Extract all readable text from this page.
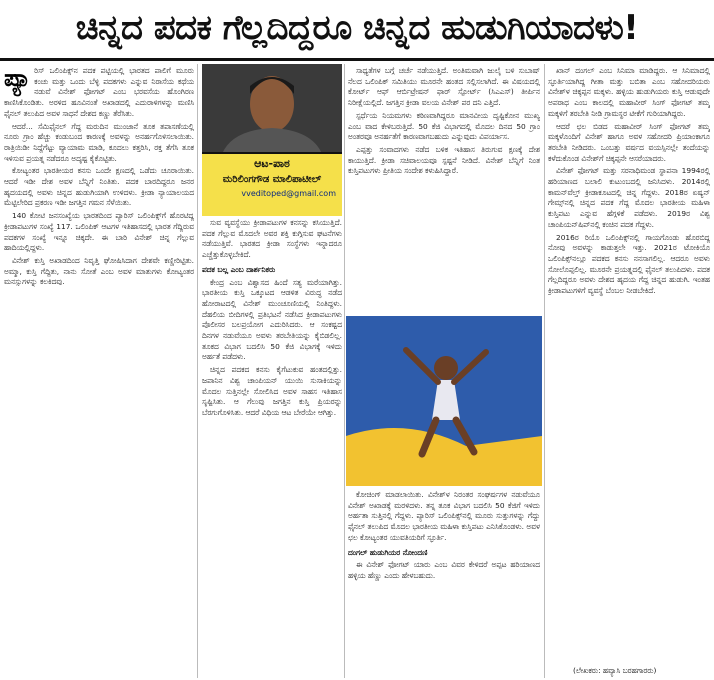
ಚಿನ್ನದ ಪದಕ ಗೆಲ್ಲದಿದ್ದರೂ ಚಿನ್ನದ ಹುಡುಗಿಯಾದಳು!
ಪ್ಯಾ ರಿಸ್ ಒಲಿಂಪಿಕ್ಸ್‌ನ ಪದಕ ಪಟ್ಟಿಯಲ್ಲಿ ಭಾರತದ ಪಾಲಿಗೆ ಮೂರು ಕಂಚು ಮತ್ತು ಒಂದು ಬೆಳ್ಳಿ ಪದಕಗಳು ಎನ್ನುವ ನಿರಾಸೆಯ ಕಥೆಯ ನಡುವೆ ವಿನೇಶ್ ಫೋಗಟ್ ಎಂಬ ಭರವಸೆಯ ಹೊಂಗಿರಣ ಕಾಣಿಸಿಕೊಂಡಿತು. ಅರಳಿದ ಹೂವಿನಂತೆ ಅಖಾಡದಲ್ಲಿ ಎದುರಾಳಿಗಳನ್ನು ಮಣಿಸಿ ಫೈನಲ್ ತಲುಪಿದ ಅವಳ ಸಾಧನೆ ದೇಶದ ಕಣ್ಣು ತೆರೆಸಿತು.

ಆದರೆ... ಸೆಮಿಫೈನಲ್ ಗೆದ್ದ ಮರುದಿನ ಮುಂಜಾನೆ ತೂಕ ತಪಾಸಣೆಯಲ್ಲಿ ನೂರು ಗ್ರಾಂ ಹೆಚ್ಚು ಕಂಡುಬಂದ ಕಾರಣಕ್ಕೆ ಅವಳನ್ನು ಅನರ್ಹಗೊಳಿಸಲಾಯಿತು. ರಾತ್ರಿಯಿಡೀ ನಿದ್ದೆಗೆಟ್ಟು ವ್ಯಾಯಾಮ ಮಾಡಿ, ಕೂದಲು ಕತ್ತರಿಸಿ, ರಕ್ತ ತೆಗೆಸಿ ತೂಕ ಇಳಿಸುವ ಪ್ರಯತ್ನ ನಡೆದರೂ ಅದೃಷ್ಟ ಕೈಕೊಟ್ಟಿತು.

ಕೋಟ್ಯಂತರ ಭಾರತೀಯರ ಕನಸು ಒಂದೇ ಕ್ಷಣದಲ್ಲಿ ಒಡೆದು ಚೂರಾಯಿತು. ಆದರೆ ಇಡೀ ದೇಶ ಅವಳ ಬೆನ್ನಿಗೆ ನಿಂತಿತು. ಪದಕ ಬಾರದಿದ್ದರೂ ಜನರ ಹೃದಯದಲ್ಲಿ ಅವಳು ಚಿನ್ನದ ಹುಡುಗಿಯಾಗಿ ಉಳಿದಳು. ಕ್ರೀಡಾ ನ್ಯಾಯಾಲಯದ ಮೆಟ್ಟಿಲೇರಿದ ಪ್ರಕರಣ ಇಡೀ ಜಗತ್ತಿನ ಗಮನ ಸೆಳೆಯಿತು.

140 ಕೋಟಿ ಜನಸಂಖ್ಯೆಯ ಭಾರತದಿಂದ ಪ್ಯಾರಿಸ್ ಒಲಿಂಪಿಕ್ಸ್‌ಗೆ ಹೊರಟಿದ್ದ ಕ್ರೀಡಾಪಟುಗಳ ಸಂಖ್ಯೆ 117. ಒಲಿಂಪಿಕ್ ಆಟಗಳ ಇತಿಹಾಸದಲ್ಲಿ ಭಾರತ ಗೆದ್ದಿರುವ ಪದಕಗಳ ಸಂಖ್ಯೆ ಇನ್ನೂ ಚಿಕ್ಕದೇ. ಈ ಬಾರಿ ವಿನೇಶ್ ಚಿನ್ನ ಗೆಲ್ಲುವ ಹಾದಿಯಲ್ಲಿದ್ದಳು.

ವಿನೇಶ್ ಕುಸ್ತಿ ಅಖಾಡದಿಂದ ನಿವೃತ್ತಿ ಘೋಷಿಸಿದಾಗ ದೇಶವೇ ಕಣ್ಣೀರಿಟ್ಟಿತು. ಅಮ್ಮಾ, ಕುಸ್ತಿ ಗೆದ್ದಿತು, ನಾನು ಸೋತೆ ಎಂಬ ಅವಳ ಮಾತುಗಳು ಕೋಟ್ಯಂತರ ಮನಸ್ಸುಗಳನ್ನು ಕಲಕಿದವು.

ಆಟ-ಪಾಠ
ಮರಿಲಿಂಗಗೌಡ ಮಾಲಿಪಾಟೀಲ್
vveditoped@gmail.com

ಸುವ ವ್ಯವಸ್ಥೆಯು ಕ್ರೀಡಾಪಟುಗಳ ಕನಸನ್ನು ಕಸಿಯುತ್ತಿದೆ. ಪದಕ ಗೆಲ್ಲುವ ಮೊದಲೇ ಅವರ ಶಕ್ತಿ ಕುಗ್ಗಿಸುವ ಘಟನೆಗಳು ನಡೆಯುತ್ತಿವೆ. ಭಾರತದ ಕ್ರೀಡಾ ಸಂಸ್ಥೆಗಳು ಇನ್ನಾದರೂ ಎಚ್ಚೆತ್ತುಕೊಳ್ಳಬೇಕಿದೆ.

ಪದಕ ಬಲ್ಲ ಎಂಬ ದಾರ್ಶನಿಕರು

ಕೇಂದ್ರ ಎಂಬ ವಿಶ್ವಾಸದ ಹಿಂದೆ ಸತ್ಯ ಮರೆಯಾಗಿತ್ತು. ಭಾರತೀಯ ಕುಸ್ತಿ ಒಕ್ಕೂಟದ ಆಡಳಿತ ವಿರುದ್ಧ ನಡೆದ ಹೋರಾಟದಲ್ಲಿ ವಿನೇಶ್ ಮುಂಚೂಣಿಯಲ್ಲಿ ನಿಂತಿದ್ದಳು. ದೆಹಲಿಯ ಬೀದಿಗಳಲ್ಲಿ ಪ್ರತಿಭಟನೆ ನಡೆಸಿದ ಕ್ರೀಡಾಪಟುಗಳು ಪೊಲೀಸರ ಬಲಪ್ರಯೋಗ ಎದುರಿಸಿದರು. ಆ ಸಂಕಷ್ಟದ ದಿನಗಳ ನಡುವೆಯೂ ಅವಳು ತರಬೇತಿಯನ್ನು ಕೈಬಿಡಲಿಲ್ಲ. ತೂಕದ ವಿಭಾಗ ಬದಲಿಸಿ 50 ಕೆಜಿ ವಿಭಾಗಕ್ಕೆ ಇಳಿದು ಅರ್ಹತೆ ಪಡೆದಳು.

ಚಿನ್ನದ ಪದಕದ ಕನಸು ಕೈಗೆಟುಕುವ ಹಂತದಲ್ಲಿತ್ತು. ಜಪಾನಿನ ವಿಶ್ವ ಚಾಂಪಿಯನ್ ಯುಯಿ ಸುಸಾಕಿಯನ್ನು ಮೊದಲ ಸುತ್ತಿನಲ್ಲೇ ಸೋಲಿಸಿದ ಅವಳ ಸಾಹಸ ಇತಿಹಾಸ ಸೃಷ್ಟಿಸಿತು. ಆ ಗೆಲುವು ಜಗತ್ತಿನ ಕುಸ್ತಿ ಪ್ರಿಯರನ್ನು ಬೆರಗುಗೊಳಿಸಿತು. ಆದರೆ ವಿಧಿಯ ಆಟ ಬೇರೆಯೇ ಆಗಿತ್ತು.

ಸಾಧ್ಯತೆಗಳ ಬಗ್ಗೆ ಚರ್ಚೆ ನಡೆಯುತ್ತಿದೆ. ಅಂತಿಮವಾಗಿ ಜುಲೈ ಬಳಿ ಸುಬಾಷ್ ನೆಲದ ಒಲಿಂಪಿಕ್ ಸಮಿತಿಯು ಮೂರನೇ ಹಂತದ ಸಲ್ಲಿಸಲಾಗಿದೆ. ಈ ವಿಷಯದಲ್ಲಿ ಕೋರ್ಟ್ ಆಫ್ ಆರ್ಬಿಟ್ರೇಷನ್ ಫಾರ್ ಸ್ಪೋರ್ಟ್ (ಸಿಎಎಸ್) ತೀರ್ಪಿನ ನಿರೀಕ್ಷೆಯಲ್ಲಿದೆ. ಜಗತ್ತಿನ ಕ್ರೀಡಾ ವಲಯ ವಿನೇಶ್ ಪರ ದನಿ ಎತ್ತಿದೆ.

ಸ್ಪರ್ಧೆಯ ನಿಯಮಗಳು ಕಠಿಣವಾಗಿದ್ದರೂ ಮಾನವೀಯ ದೃಷ್ಟಿಕೋನ ಮುಖ್ಯ ಎಂಬ ವಾದ ಕೇಳಿಬರುತ್ತಿದೆ. 50 ಕೆಜಿ ವಿಭಾಗದಲ್ಲಿ ಮೊದಲ ದಿನದ 50 ಗ್ರಾಂ ಅಂತರವೂ ಅನರ್ಹತೆಗೆ ಕಾರಣವಾಗಬಹುದು ಎನ್ನುವುದು ವಿಪರ್ಯಾಸ.

ಎಪ್ಪತ್ತು ಸಂವಾದಗಳು ನಡೆದ ಬಳಿಕ ಇತಿಹಾಸ ತಿರುಗುವ ಕ್ಷಣಕ್ಕೆ ದೇಶ ಕಾಯುತ್ತಿದೆ. ಕ್ರೀಡಾ ಸಚಿವಾಲಯವೂ ಸ್ಪಷ್ಟನೆ ನೀಡಿದೆ. ವಿನೇಶ್ ಬೆನ್ನಿಗೆ ನಿಂತ ಕುಸ್ತಿಪಟುಗಳು ಪ್ರೀತಿಯ ಸಂದೇಶ ಕಳುಹಿಸಿದ್ದಾರೆ.

ಕೋಚಿಂಗ್ ಮಾಡಲಾಯಿತು. ವಿನೇಶ್‌ಳ ನಿರಂತರ ಸಂಘರ್ಷಗಳ ನಡುವೆಯೂ ವಿನೇಶ್ ಅಖಾಡಕ್ಕೆ ಮರಳಿದಳು. ತನ್ನ ತೂಕ ವಿಭಾಗ ಬದಲಿಸಿ 50 ಕೆಜಿಗೆ ಇಳಿದು ಅರ್ಹತಾ ಸುತ್ತಿನಲ್ಲಿ ಗೆದ್ದಳು. ಪ್ಯಾರಿಸ್ ಒಲಿಂಪಿಕ್ಸ್‌ನಲ್ಲಿ ಮೂರು ಸುತ್ತುಗಳನ್ನು ಗೆದ್ದು ಫೈನಲ್ ತಲುಪಿದ ಮೊದಲ ಭಾರತೀಯ ಮಹಿಳಾ ಕುಸ್ತಿಪಟು ಎನಿಸಿಕೊಂಡಳು. ಅವಳ ಛಲ ಕೋಟ್ಯಂತರ ಯುವತಿಯರಿಗೆ ಸ್ಫೂರ್ತಿ.

ದಂಗಲ್ ಹುಡುಗಿಯರ ನೋಂದಣಿ

ಈ ವಿನೇಶ್ ಫೋಗಟ್ ಯಾರು ಎಂಬ ವಿವರ ಕೇಳಿದರೆ ಅಪ್ಪಟ ಹರಿಯಾಣದ ಹಳ್ಳಿಯ ಹೆಣ್ಣು ಎಂದು ಹೇಳಬಹುದು.

ಖಾನ್ ದಂಗಲ್ ಎಂಬ ಸಿನಿಮಾ ಮಾಡಿದ್ದರು. ಆ ಸಿನಿಮಾದಲ್ಲಿ ಸ್ಫೂರ್ತಿಯಾಗಿದ್ದ ಗೀತಾ ಮತ್ತು ಬಬಿತಾ ಎಂಬ ಸಹೋದರಿಯರು ವಿನೇಶ್‌ಳ ಚಿಕ್ಕಪ್ಪನ ಮಕ್ಕಳು. ಹಳ್ಳಿಯ ಹುಡುಗಿಯರು ಕುಸ್ತಿ ಆಡುವುದೇ ಅಪರಾಧ ಎಂಬ ಕಾಲದಲ್ಲಿ ಮಹಾವೀರ್ ಸಿಂಗ್ ಫೋಗಟ್ ತಮ್ಮ ಮಕ್ಕಳಿಗೆ ತರಬೇತಿ ನೀಡಿ ಗ್ರಾಮಸ್ಥರ ಟೀಕೆಗೆ ಗುರಿಯಾಗಿದ್ದರು.

ಆದರೆ ಛಲ ಬಿಡದ ಮಹಾವೀರ್ ಸಿಂಗ್ ಫೋಗಟ್ ತಮ್ಮ ಮಕ್ಕಳೊಂದಿಗೆ ವಿನೇಶ್ ಹಾಗೂ ಅವಳ ಸಹೋದರಿ ಪ್ರಿಯಾಂಕಾಗೂ ತರಬೇತಿ ನೀಡಿದರು. ಒಂಬತ್ತು ವರ್ಷದ ವಯಸ್ಸಿನಲ್ಲೇ ತಂದೆಯನ್ನು ಕಳೆದುಕೊಂಡ ವಿನೇಶ್‌ಗೆ ಚಿಕ್ಕಪ್ಪನೇ ಆಸರೆಯಾದರು.

ವಿನೇಶ್ ಫೋಗಟ್ ಮತ್ತು ಸರನಾಧಿಮಂಡ ಸ್ಥಾಪನಾ 1994ರಲ್ಲಿ ಹರಿಯಾಣದ ಬಲಾಲಿ ಕುಟುಂಬದಲ್ಲಿ ಜನಿಸಿದಳು. 2014ರಲ್ಲಿ ಕಾಮನ್‌ವೆಲ್ತ್ ಕ್ರೀಡಾಕೂಟದಲ್ಲಿ ಚಿನ್ನ ಗೆದ್ದಳು. 2018ರ ಏಷ್ಯನ್ ಗೇಮ್ಸ್‌ನಲ್ಲಿ ಚಿನ್ನದ ಪದಕ ಗೆದ್ದ ಮೊದಲ ಭಾರತೀಯ ಮಹಿಳಾ ಕುಸ್ತಿಪಟು ಎನ್ನುವ ಹೆಗ್ಗಳಿಕೆ ಪಡೆದಳು. 2019ರ ವಿಶ್ವ ಚಾಂಪಿಯನ್‌ಷಿಪ್‌ನಲ್ಲಿ ಕಂಚಿನ ಪದಕ ಗೆದ್ದಳು.

2016ರ ರಿಯೊ ಒಲಿಂಪಿಕ್ಸ್‌ನಲ್ಲಿ ಗಾಯಗೊಂಡು ಹೊರಬಿದ್ದ ನೋವು ಅವಳನ್ನು ಕಾಡುತ್ತಲೇ ಇತ್ತು. 2021ರ ಟೋಕಿಯೊ ಒಲಿಂಪಿಕ್ಸ್‌ನಲ್ಲೂ ಪದಕದ ಕನಸು ನನಸಾಗಲಿಲ್ಲ. ಆದರೂ ಅವಳು ಸೋಲೊಪ್ಪಲಿಲ್ಲ. ಮೂರನೇ ಪ್ರಯತ್ನದಲ್ಲಿ ಫೈನಲ್ ತಲುಪಿದಳು. ಪದಕ ಗೆಲ್ಲದಿದ್ದರೂ ಅವಳು ದೇಶದ ಹೃದಯ ಗೆದ್ದ ಚಿನ್ನದ ಹುಡುಗಿ. ಇಂತಹ ಕ್ರೀಡಾಪಟುಗಳಿಗೆ ವ್ಯವಸ್ಥೆ ಬೆಂಬಲ ನೀಡಬೇಕಿದೆ.

(ಲೇಖಕರು: ಹವ್ಯಾಸಿ ಬರಹಗಾರರು)
